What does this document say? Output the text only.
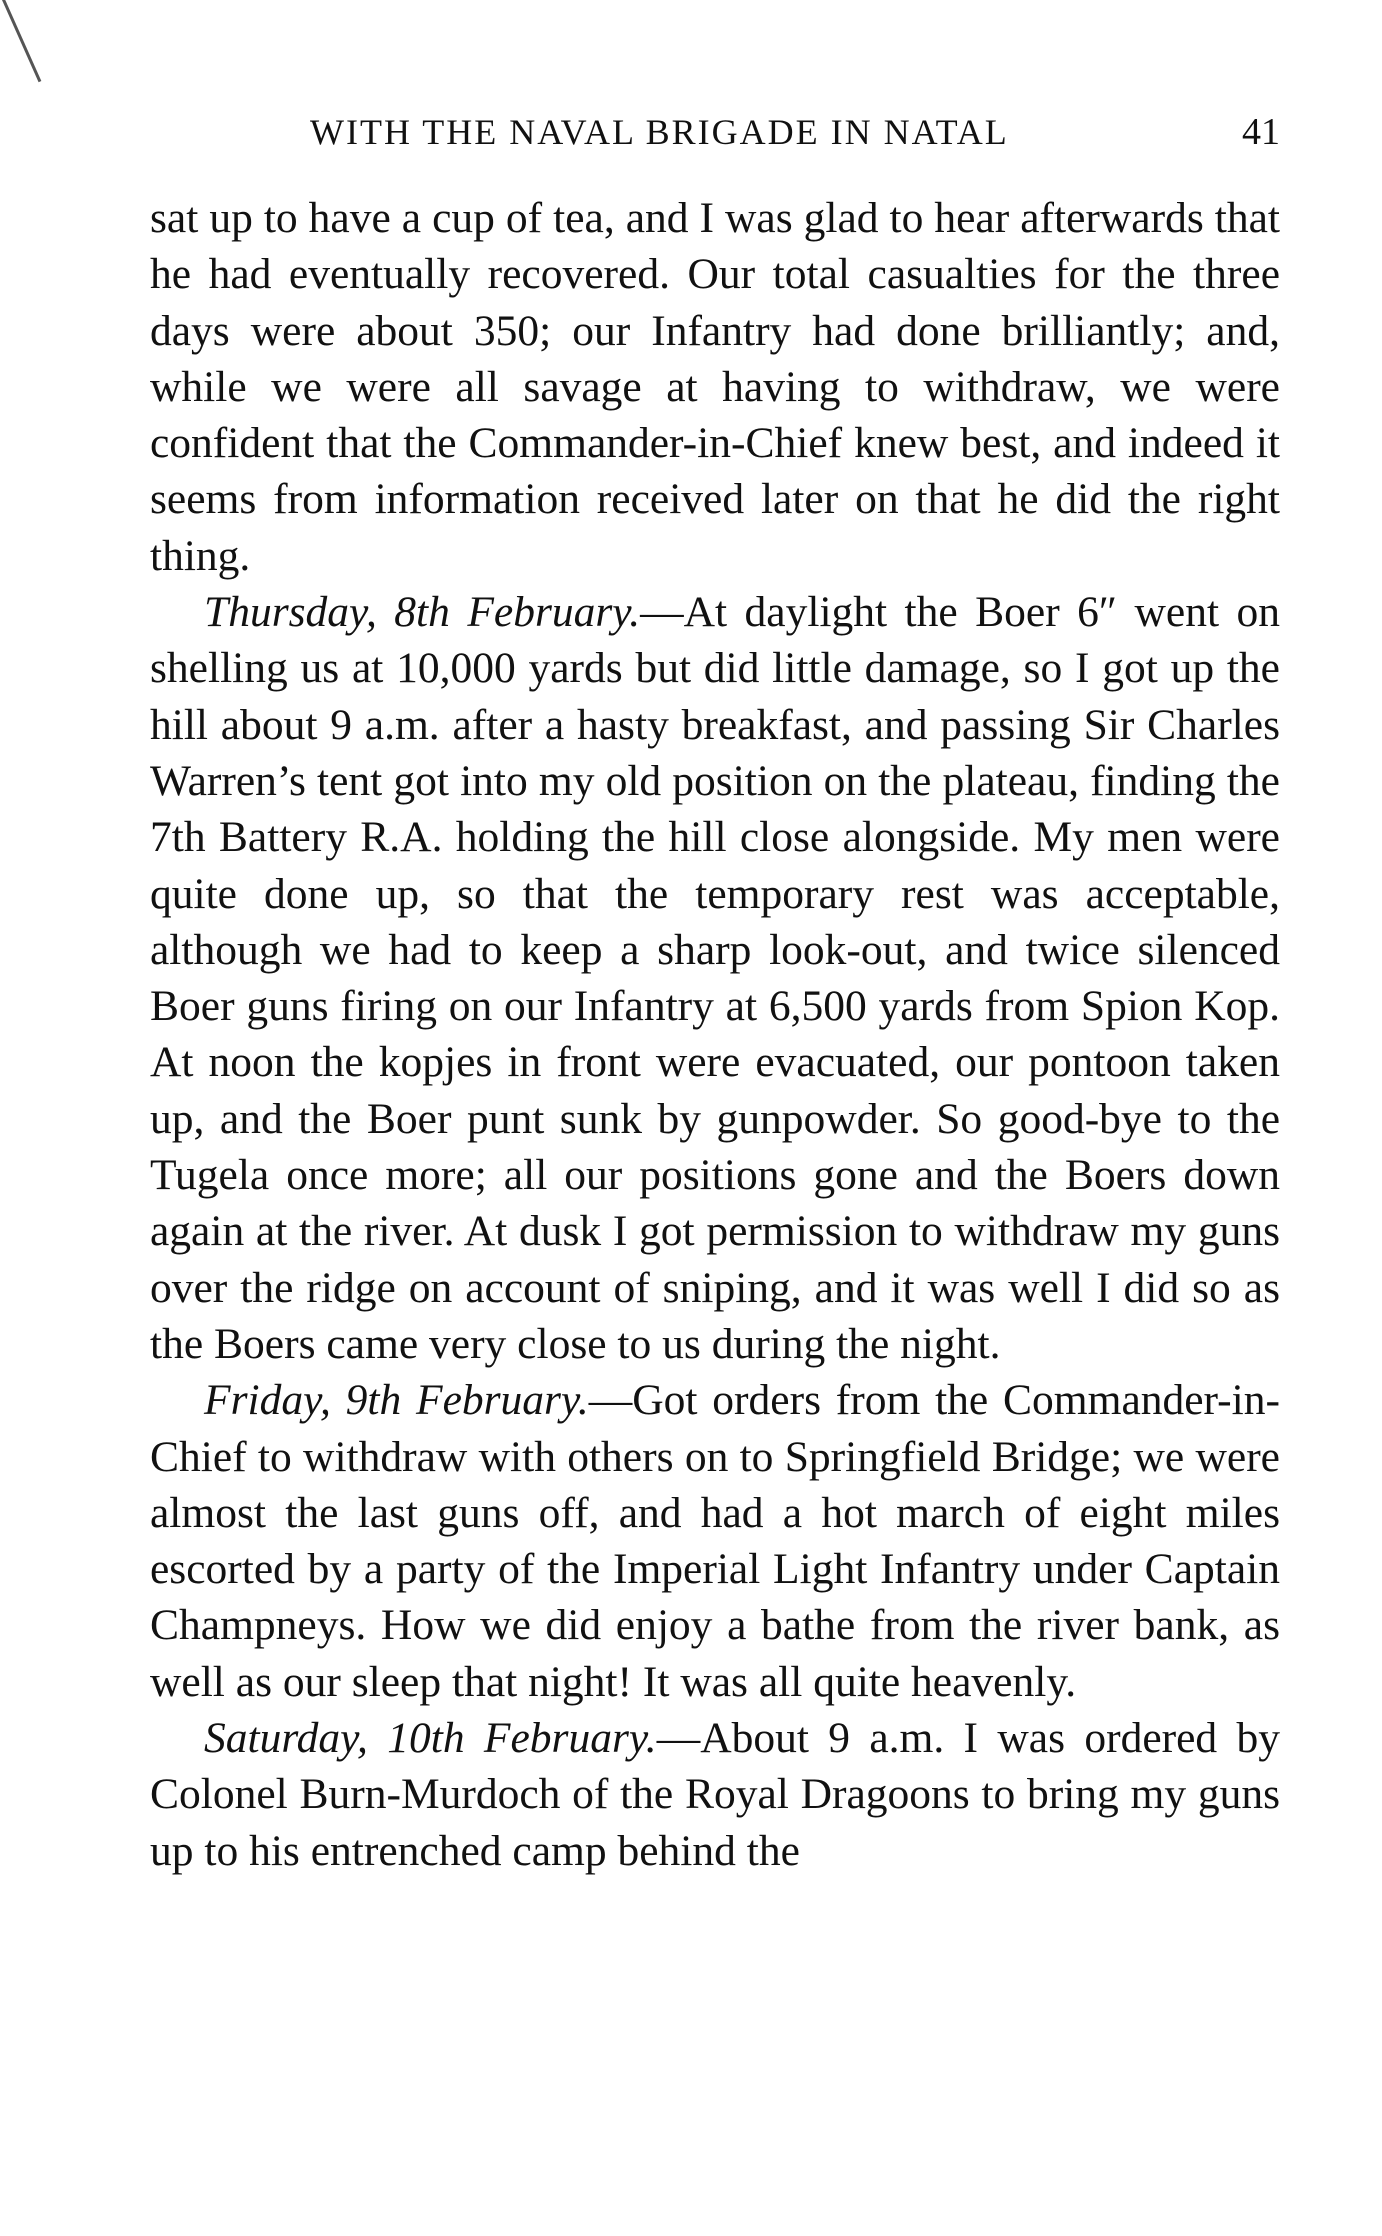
WITH THE NAVAL BRIGADE IN NATAL	41

sat up to have a cup of tea, and I was glad to hear afterwards that he had eventually recovered. Our total casualties for the three days were about 350; our Infantry had done brilliantly; and, while we were all savage at having to withdraw, we were confident that the Commander-in-Chief knew best, and indeed it seems from information received later on that he did the right thing.

Thursday, 8th February.—At daylight the Boer 6″ went on shelling us at 10,000 yards but did little damage, so I got up the hill about 9 a.m. after a hasty breakfast, and passing Sir Charles Warren’s tent got into my old position on the plateau, finding the 7th Battery R.A. holding the hill close alongside. My men were quite done up, so that the temporary rest was acceptable, although we had to keep a sharp look-out, and twice silenced Boer guns firing on our Infantry at 6,500 yards from Spion Kop. At noon the kopjes in front were evacuated, our pontoon taken up, and the Boer punt sunk by gunpowder. So good-bye to the Tugela once more; all our positions gone and the Boers down again at the river. At dusk I got permission to withdraw my guns over the ridge on account of sniping, and it was well I did so as the Boers came very close to us during the night.

Friday, 9th February.—Got orders from the Commander-in-Chief to withdraw with others on to Springfield Bridge; we were almost the last guns off, and had a hot march of eight miles escorted by a party of the Imperial Light Infantry under Captain Champneys. How we did enjoy a bathe from the river bank, as well as our sleep that night! It was all quite heavenly.

Saturday, 10th February.—About 9 a.m. I was ordered by Colonel Burn-Murdoch of the Royal Dragoons to bring my guns up to his entrenched camp behind the
